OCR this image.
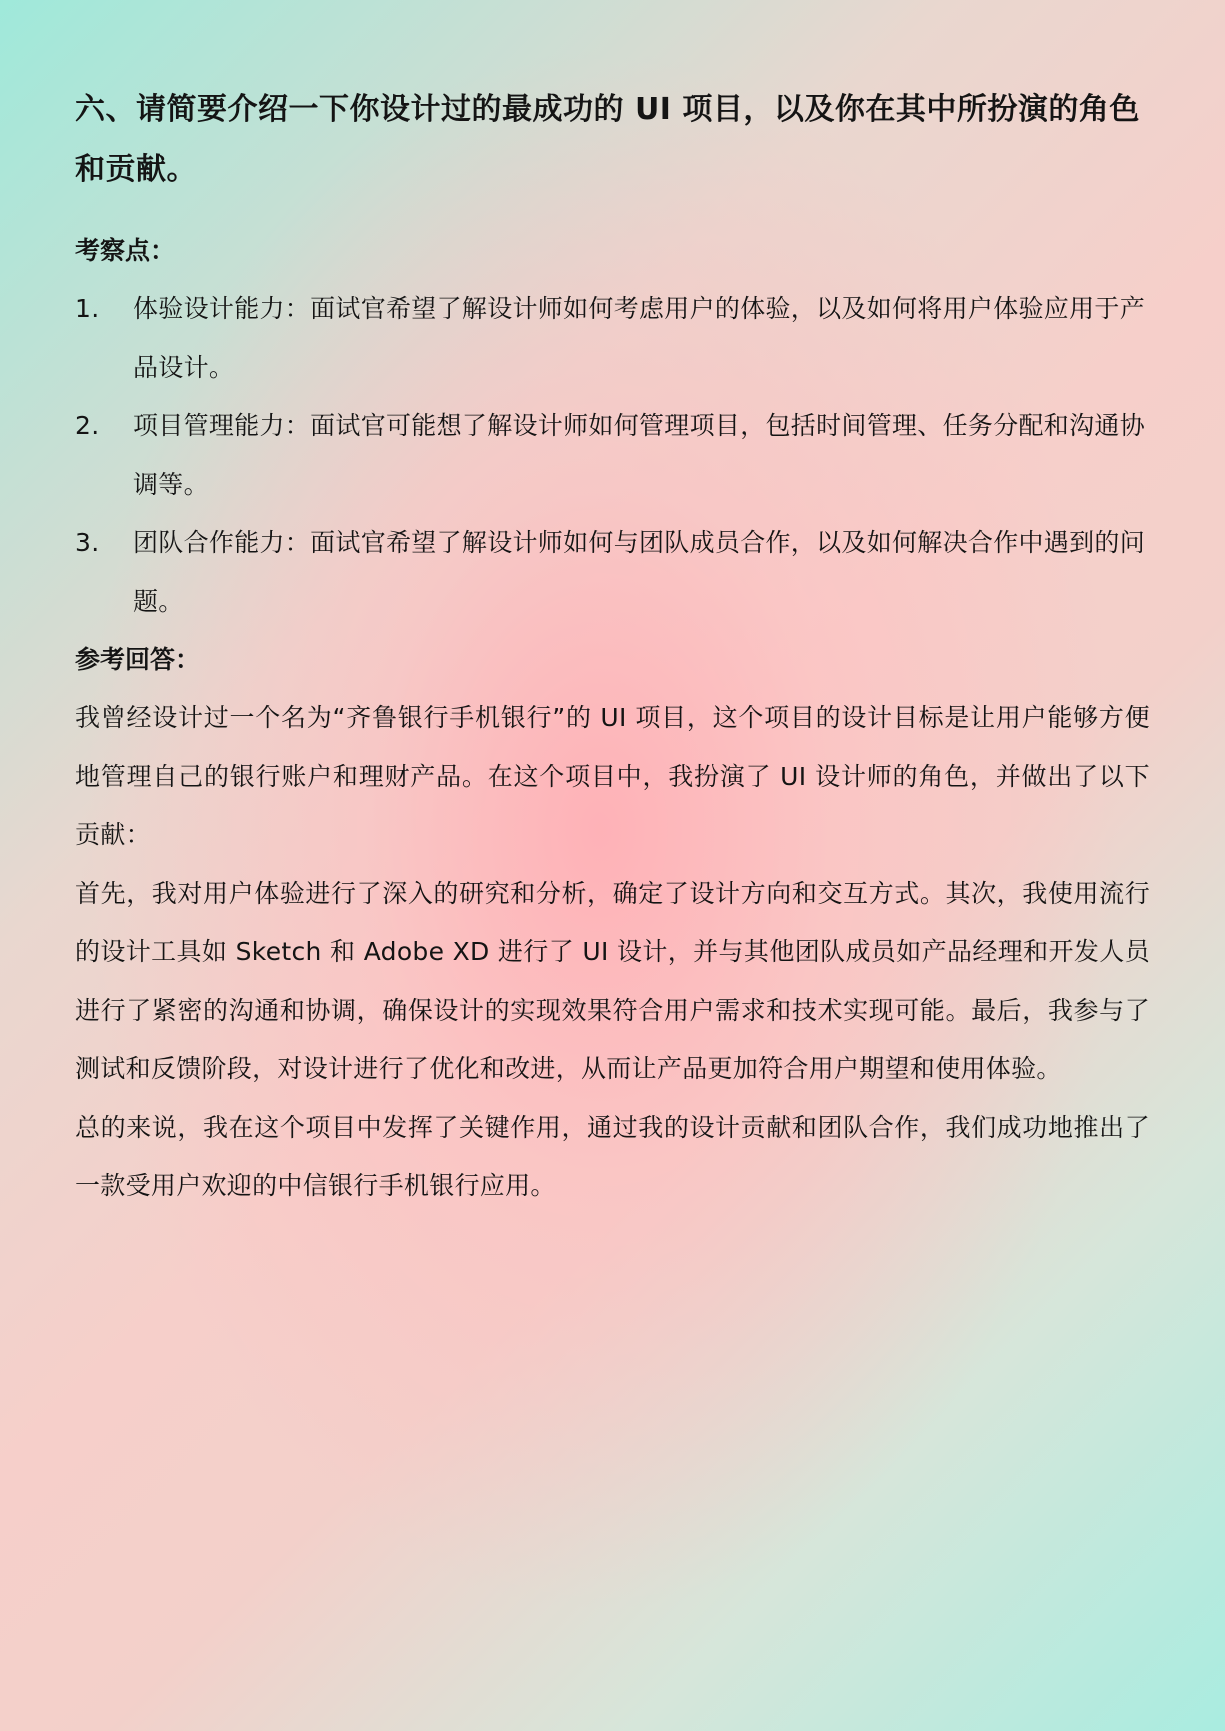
六、请简要介绍一下你设计过的最成功的 UI 项目，以及你在其中所扮演的角色和贡献。
考察点：
1. 体验设计能力：面试官希望了解设计师如何考虑用户的体验，以及如何将用户体验应用于产品设计。
2. 项目管理能力：面试官可能想了解设计师如何管理项目，包括时间管理、任务分配和沟通协调等。
3. 团队合作能力：面试官希望了解设计师如何与团队成员合作，以及如何解决合作中遇到的问题。
参考回答：

我曾经设计过一个名为“齐鲁银行手机银行”的 UI 项目，这个项目的设计目标是让用户能够方便地管理自己的银行账户和理财产品。在这个项目中，我扮演了 UI 设计师的角色，并做出了以下贡献：

首先，我对用户体验进行了深入的研究和分析，确定了设计方向和交互方式。其次，我使用流行的设计工具如 Sketch 和 Adobe XD 进行了 UI 设计，并与其他团队成员如产品经理和开发人员进行了紧密的沟通和协调，确保设计的实现效果符合用户需求和技术实现可能。最后，我参与了测试和反馈阶段，对设计进行了优化和改进，从而让产品更加符合用户期望和使用体验。

总的来说，我在这个项目中发挥了关键作用，通过我的设计贡献和团队合作，我们成功地推出了一款受用户欢迎的中信银行手机银行应用。
